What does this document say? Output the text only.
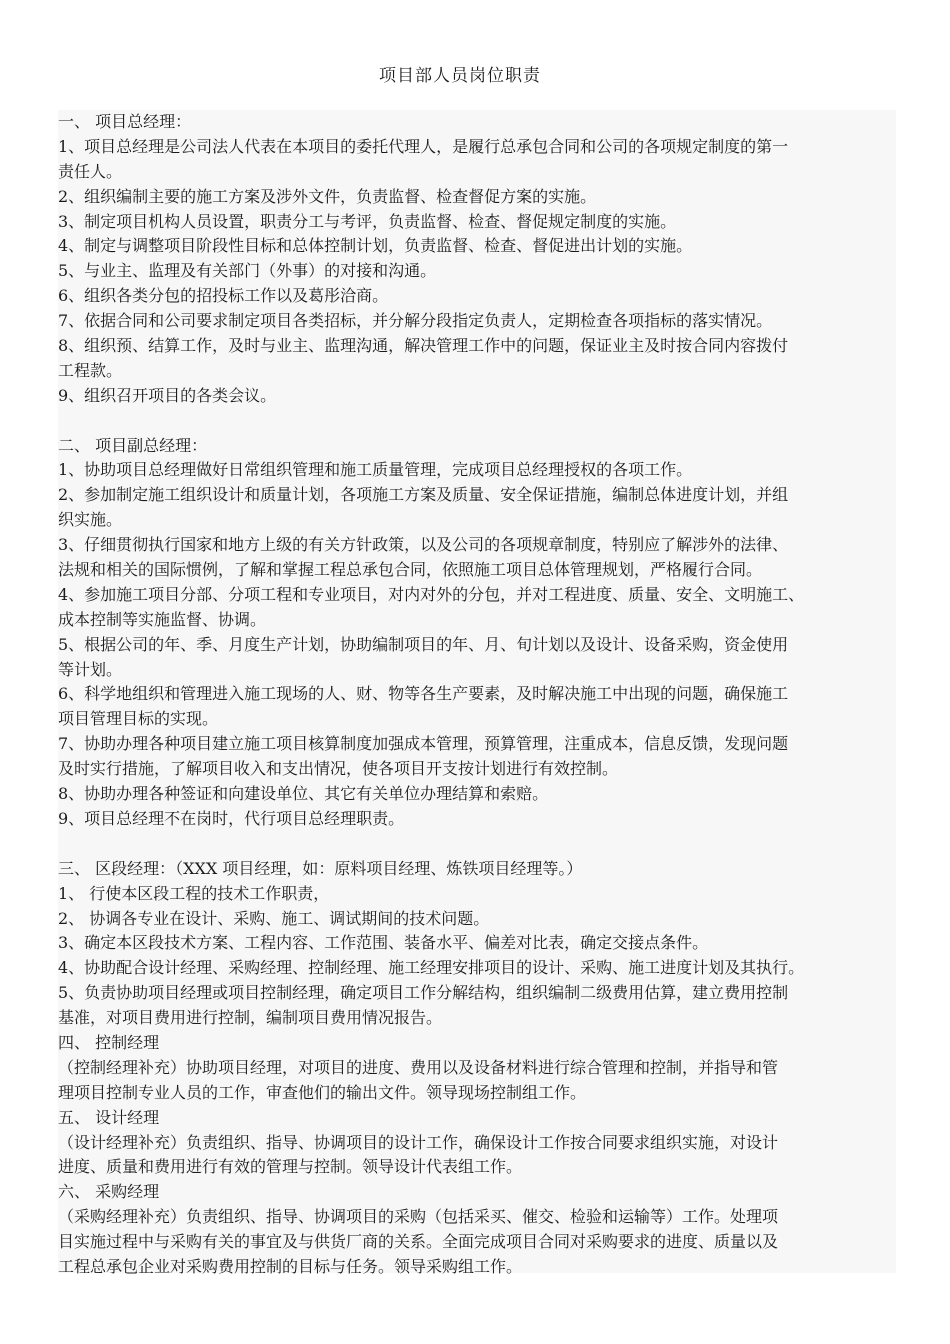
项目部人员岗位职责
一、 项目总经理：
1、项目总经理是公司法人代表在本项目的委托代理人，是履行总承包合同和公司的各项规定制度的第一
责任人。
2、组织编制主要的施工方案及涉外文件，负责监督、检查督促方案的实施。
3、制定项目机构人员设置，职责分工与考评，负责监督、检查、督促规定制度的实施。
4、制定与调整项目阶段性目标和总体控制计划，负责监督、检查、督促进出计划的实施。
5、与业主、监理及有关部门（外事）的对接和沟通。
6、组织各类分包的招投标工作以及葛彤洽商。
7、依据合同和公司要求制定项目各类招标，并分解分段指定负责人，定期检查各项指标的落实情况。
8、组织预、结算工作，及时与业主、监理沟通，解决管理工作中的问题，保证业主及时按合同内容拨付
工程款。
9、组织召开项目的各类会议。
二、 项目副总经理：
1、协助项目总经理做好日常组织管理和施工质量管理，完成项目总经理授权的各项工作。
2、参加制定施工组织设计和质量计划，各项施工方案及质量、安全保证措施，编制总体进度计划，并组
织实施。
3、仔细贯彻执行国家和地方上级的有关方针政策，以及公司的各项规章制度，特别应了解涉外的法律、
法规和相关的国际惯例，了解和掌握工程总承包合同，依照施工项目总体管理规划，严格履行合同。
4、参加施工项目分部、分项工程和专业项目，对内对外的分包，并对工程进度、质量、安全、文明施工、
成本控制等实施监督、协调。
5、根据公司的年、季、月度生产计划，协助编制项目的年、月、旬计划以及设计、设备采购，资金使用
等计划。
6、科学地组织和管理进入施工现场的人、财、物等各生产要素，及时解决施工中出现的问题，确保施工
项目管理目标的实现。
7、协助办理各种项目建立施工项目核算制度加强成本管理，预算管理，注重成本，信息反馈，发现问题
及时实行措施，了解项目收入和支出情况，使各项目开支按计划进行有效控制。
8、协助办理各种签证和向建设单位、其它有关单位办理结算和索赔。
9、项目总经理不在岗时，代行项目总经理职责。
三、 区段经理：（XXX 项目经理，如：原料项目经理、炼铁项目经理等。）
1、 行使本区段工程的技术工作职责，
2、 协调各专业在设计、采购、施工、调试期间的技术问题。
3、确定本区段技术方案、工程内容、工作范围、装备水平、偏差对比表，确定交接点条件。
4、协助配合设计经理、采购经理、控制经理、施工经理安排项目的设计、采购、施工进度计划及其执行。
5、负责协助项目经理或项目控制经理，确定项目工作分解结构，组织编制二级费用估算，建立费用控制
基准，对项目费用进行控制，编制项目费用情况报告。
四、 控制经理
（控制经理补充）协助项目经理，对项目的进度、费用以及设备材料进行综合管理和控制，并指导和管
理项目控制专业人员的工作，审查他们的输出文件。领导现场控制组工作。
五、 设计经理
（设计经理补充）负责组织、指导、协调项目的设计工作，确保设计工作按合同要求组织实施，对设计
进度、质量和费用进行有效的管理与控制。领导设计代表组工作。
六、 采购经理
（采购经理补充）负责组织、指导、协调项目的采购（包括采买、催交、检验和运输等）工作。处理项
目实施过程中与采购有关的事宜及与供货厂商的关系。全面完成项目合同对采购要求的进度、质量以及
工程总承包企业对采购费用控制的目标与任务。领导采购组工作。
